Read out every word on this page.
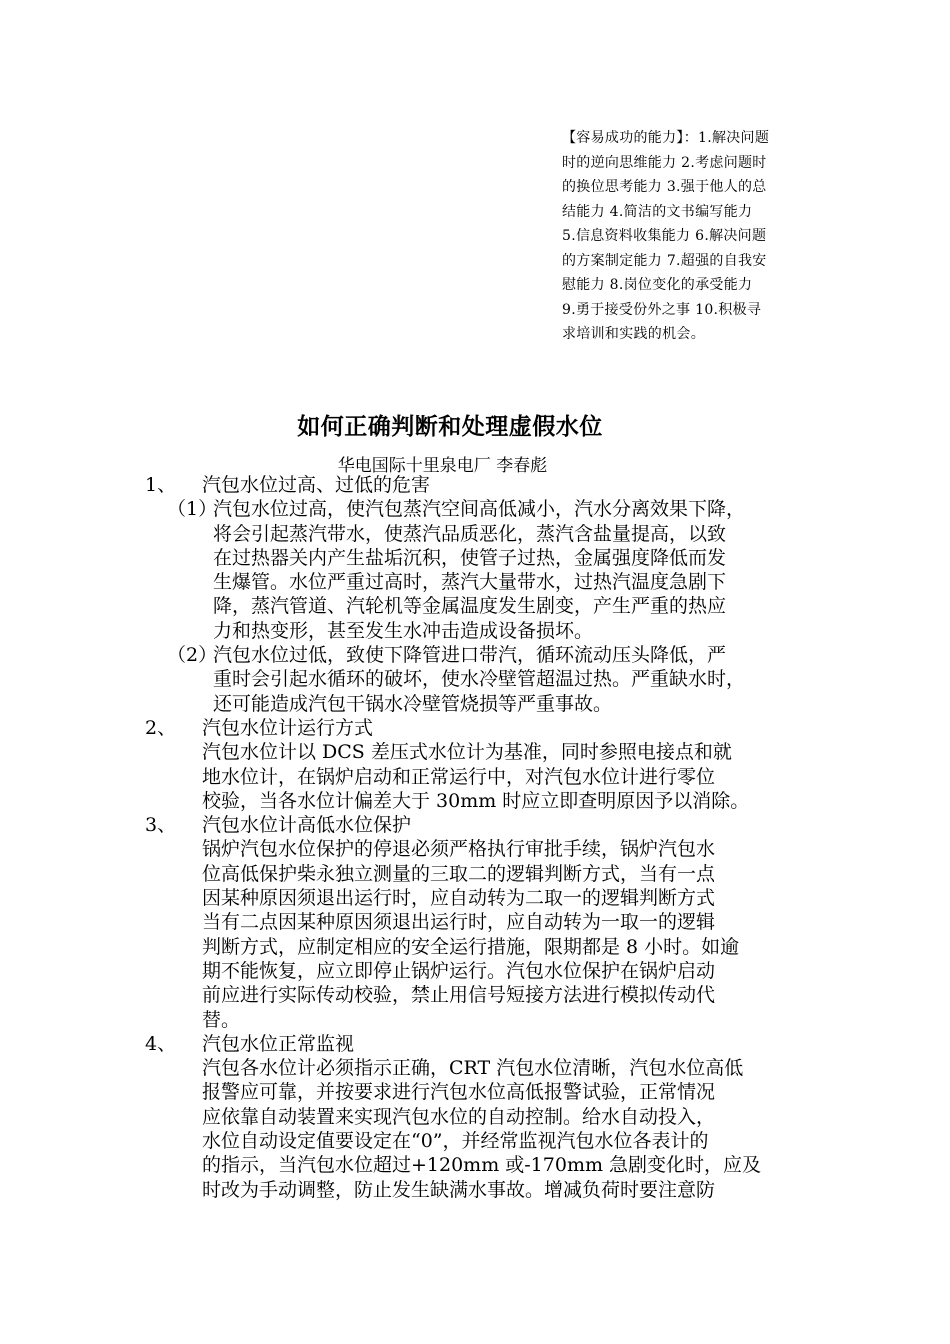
【容易成功的能力】：1.解决问题
时的逆向思维能力 2.考虑问题时
的换位思考能力 3.强于他人的总
结能力 4.简洁的文书编写能力
5.信息资料收集能力 6.解决问题
的方案制定能力 7.超强的自我安
慰能力 8.岗位变化的承受能力
9.勇于接受份外之事 10.积极寻
求培训和实践的机会。
如何正确判断和处理虚假水位
华电国际十里泉电厂 李春彪
1、	汽包水位过高、过低的危害
（1）
汽包水位过高，使汽包蒸汽空间高低减小，汽水分离效果下降，
将会引起蒸汽带水，使蒸汽品质恶化，蒸汽含盐量提高，以致
在过热器关内产生盐垢沉积，使管子过热，金属强度降低而发
生爆管。水位严重过高时，蒸汽大量带水，过热汽温度急剧下
降，蒸汽管道、汽轮机等金属温度发生剧变，产生严重的热应
力和热变形，甚至发生水冲击造成设备损坏。
（2）
汽包水位过低，致使下降管进口带汽，循环流动压头降低，严
重时会引起水循环的破坏，使水冷壁管超温过热。严重缺水时，
还可能造成汽包干锅水冷壁管烧损等严重事故。
2、	汽包水位计运行方式
汽包水位计以 DCS 差压式水位计为基准，同时参照电接点和就
地水位计，在锅炉启动和正常运行中，对汽包水位计进行零位
校验，当各水位计偏差大于 30mm 时应立即查明原因予以消除。
3、	汽包水位计高低水位保护
锅炉汽包水位保护的停退必须严格执行审批手续，锅炉汽包水
位高低保护柴永独立测量的三取二的逻辑判断方式，当有一点
因某种原因须退出运行时，应自动转为二取一的逻辑判断方式
当有二点因某种原因须退出运行时，应自动转为一取一的逻辑
判断方式，应制定相应的安全运行措施，限期都是 8 小时。如逾
期不能恢复，应立即停止锅炉运行。汽包水位保护在锅炉启动
前应进行实际传动校验，禁止用信号短接方法进行模拟传动代
替。
4、	汽包水位正常监视
汽包各水位计必须指示正确，CRT 汽包水位清晰，汽包水位高低
报警应可靠，并按要求进行汽包水位高低报警试验，正常情况
应依靠自动装置来实现汽包水位的自动控制。给水自动投入，
水位自动设定值要设定在“0”，并经常监视汽包水位各表计的
的指示，当汽包水位超过+120mm 或-170mm 急剧变化时，应及
时改为手动调整，防止发生缺满水事故。增减负荷时要注意防
